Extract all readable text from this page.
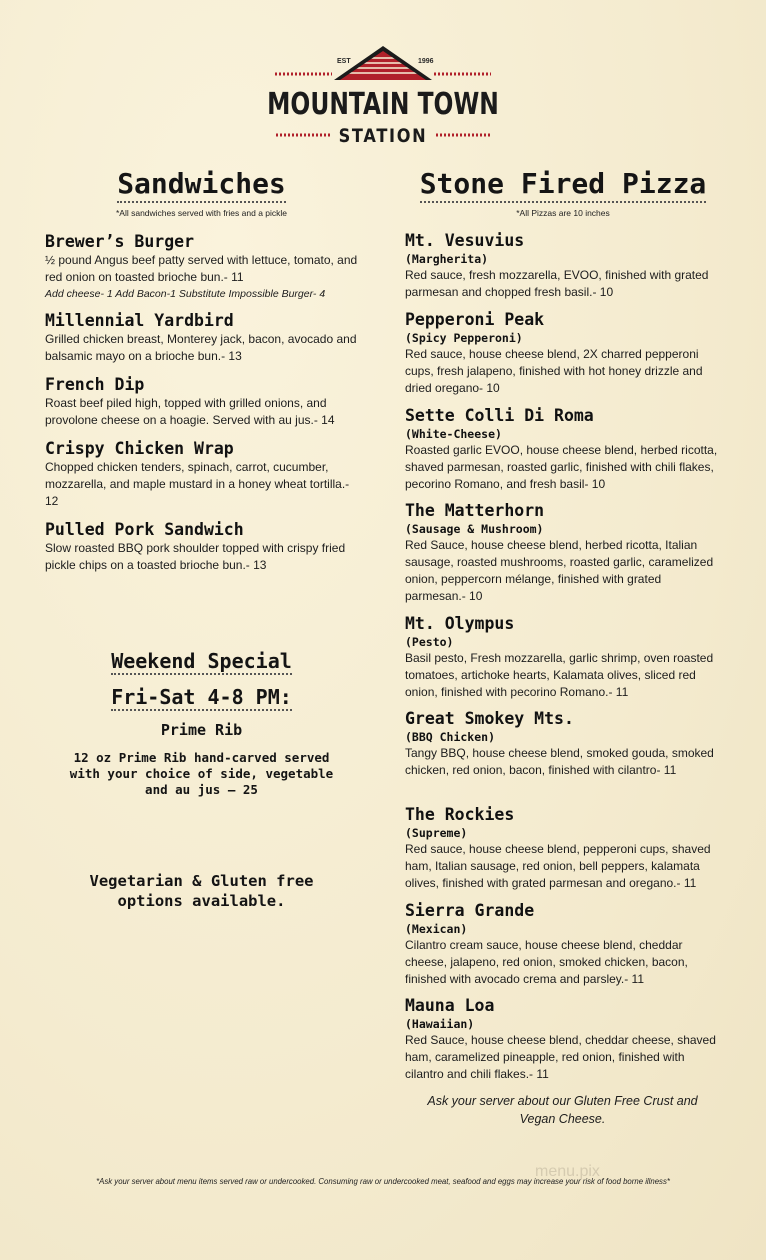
EST	1996
MOUNTAIN TOWN
STATION
Sandwiches
*All sandwiches served with fries and a pickle
Brewer’s Burger
½ pound Angus beef patty served with lettuce, tomato, and red onion on toasted brioche bun.- 11
Add cheese- 1 Add Bacon-1 Substitute Impossible Burger- 4
Millennial Yardbird
Grilled chicken breast, Monterey jack, bacon, avocado and balsamic mayo on a brioche bun.- 13
French Dip
Roast beef piled high, topped with grilled onions, and provolone cheese on a hoagie. Served with au jus.- 14
Crispy Chicken Wrap
Chopped chicken tenders, spinach, carrot, cucumber, mozzarella, and maple mustard in a honey wheat tortilla.- 12
Pulled Pork Sandwich
Slow roasted BBQ pork shoulder topped with crispy fried pickle chips on a toasted brioche bun.- 13
Weekend Special
Fri-Sat 4-8 PM:
Prime Rib
12 oz Prime Rib hand-carved served with your choice of side, vegetable and au jus – 25
Vegetarian & Gluten free options available.
Stone Fired Pizza
*All Pizzas are 10 inches
Mt. Vesuvius
(Margherita)
Red sauce, fresh mozzarella, EVOO, finished with grated parmesan and chopped fresh basil.- 10
Pepperoni Peak
(Spicy Pepperoni)
Red sauce, house cheese blend, 2X charred pepperoni cups, fresh jalapeno, finished with hot honey drizzle and dried oregano- 10
Sette Colli Di Roma
(White-Cheese)
Roasted garlic EVOO, house cheese blend, herbed ricotta, shaved parmesan, roasted garlic, finished with chili flakes, pecorino Romano, and fresh basil- 10
The Matterhorn
(Sausage & Mushroom)
Red Sauce, house cheese blend, herbed ricotta, Italian sausage, roasted mushrooms, roasted garlic, caramelized onion, peppercorn mélange, finished with grated parmesan.- 10
Mt. Olympus
(Pesto)
Basil pesto, Fresh mozzarella, garlic shrimp, oven roasted tomatoes, artichoke hearts, Kalamata olives, sliced red onion, finished with pecorino Romano.- 11
Great Smokey Mts.
(BBQ Chicken)
Tangy BBQ, house cheese blend, smoked gouda, smoked chicken, red onion, bacon, finished with cilantro- 11
The Rockies
(Supreme)
Red sauce, house cheese blend, pepperoni cups, shaved ham, Italian sausage, red onion, bell peppers, kalamata olives, finished with grated parmesan and oregano.- 11
Sierra Grande
(Mexican)
Cilantro cream sauce, house cheese blend, cheddar cheese, jalapeno, red onion, smoked chicken, bacon, finished with avocado crema and parsley.- 11
Mauna Loa
(Hawaiian)
Red Sauce, house cheese blend, cheddar cheese, shaved ham, caramelized pineapple, red onion, finished with cilantro and chili flakes.- 11
Ask your server about our Gluten Free Crust and Vegan Cheese.
menu.pix
*Ask your server about menu items served raw or undercooked. Consuming raw or undercooked meat, seafood and eggs may increase your risk of food borne illness*
